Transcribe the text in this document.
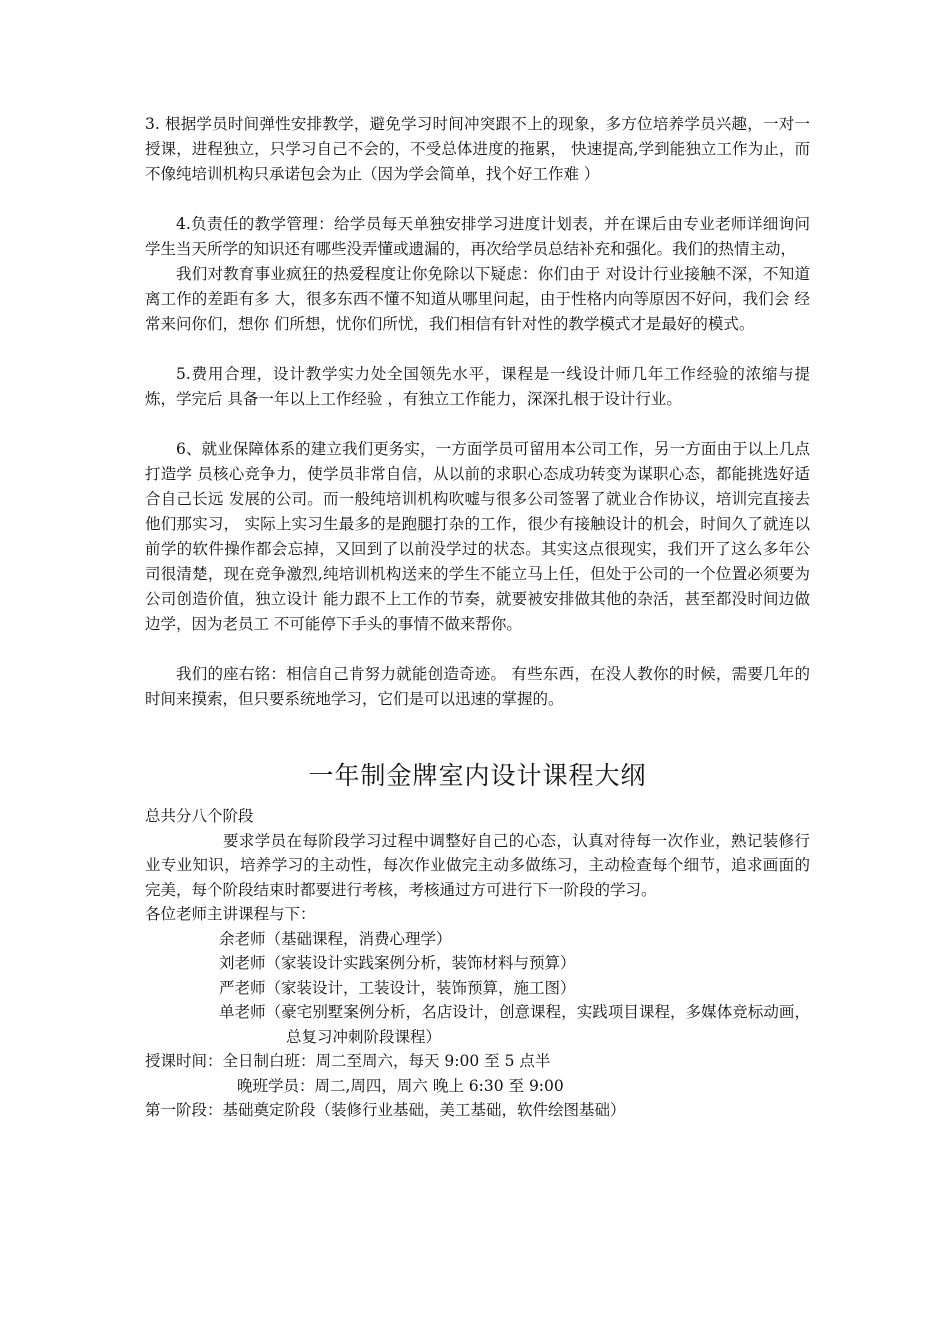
3. 根据学员时间弹性安排教学，避免学习时间冲突跟不上的现象，多方位培养学员兴趣，一对一授课，进程独立，只学习自己不会的，不受总体进度的拖累， 快速提高,学到能独立工作为止，而不像纯培训机构只承诺包会为止（因为学会简单，找个好工作难 ）

4.负责任的教学管理：给学员每天单独安排学习进度计划表，并在课后由专业老师详细询问学生当天所学的知识还有哪些没弄懂或遗漏的，再次给学员总结补充和强化。我们的热情主动，

我们对教育事业疯狂的热爱程度让你免除以下疑虑：你们由于 对设计行业接触不深，不知道离工作的差距有多 大，很多东西不懂不知道从哪里问起，由于性格内向等原因不好问，我们会 经常来问你们，想你 们所想，忧你们所忧，我们相信有针对性的教学模式才是最好的模式。

5.费用合理，设计教学实力处全国领先水平，课程是一线设计师几年工作经验的浓缩与提炼，学完后 具备一年以上工作经验 ，有独立工作能力，深深扎根于设计行业。

6、就业保障体系的建立我们更务实，一方面学员可留用本公司工作，另一方面由于以上几点打造学 员核心竞争力，使学员非常自信，从以前的求职心态成功转变为谋职心态，都能挑选好适合自己长远 发展的公司。而一般纯培训机构吹嘘与很多公司签署了就业合作协议，培训完直接去他们那实习， 实际上实习生最多的是跑腿打杂的工作，很少有接触设计的机会，时间久了就连以前学的软件操作都会忘掉，又回到了以前没学过的状态。其实这点很现实，我们开了这么多年公司很清楚，现在竞争激烈,纯培训机构送来的学生不能立马上任，但处于公司的一个位置必须要为公司创造价值，独立设计 能力跟不上工作的节奏，就要被安排做其他的杂活，甚至都没时间边做边学，因为老员工 不可能停下手头的事情不做来帮你。

我们的座右铭：相信自己肯努力就能创造奇迹。 有些东西，在没人教你的时候，需要几年的 时间来摸索，但只要系统地学习，它们是可以迅速的掌握的。

一年制金牌室内设计课程大纲

总共分八个阶段

要求学员在每阶段学习过程中调整好自己的心态，认真对待每一次作业，熟记装修行业专业知识，培养学习的主动性，每次作业做完主动多做练习，主动检查每个细节，追求画面的完美，每个阶段结束时都要进行考核，考核通过方可进行下一阶段的学习。

各位老师主讲课程与下：

余老师（基础课程，消费心理学）

刘老师（家装设计实践案例分析，装饰材料与预算）

严老师（家装设计，工装设计，装饰预算，施工图）

单老师（豪宅别墅案例分析，名店设计，创意课程，实践项目课程，多媒体竞标动画，总复习冲刺阶段课程）

授课时间：全日制白班：周二至周六，每天 9:00 至 5 点半

晚班学员：周二,周四，周六 晚上 6:30 至 9:00

第一阶段：基础奠定阶段（装修行业基础，美工基础，软件绘图基础）
